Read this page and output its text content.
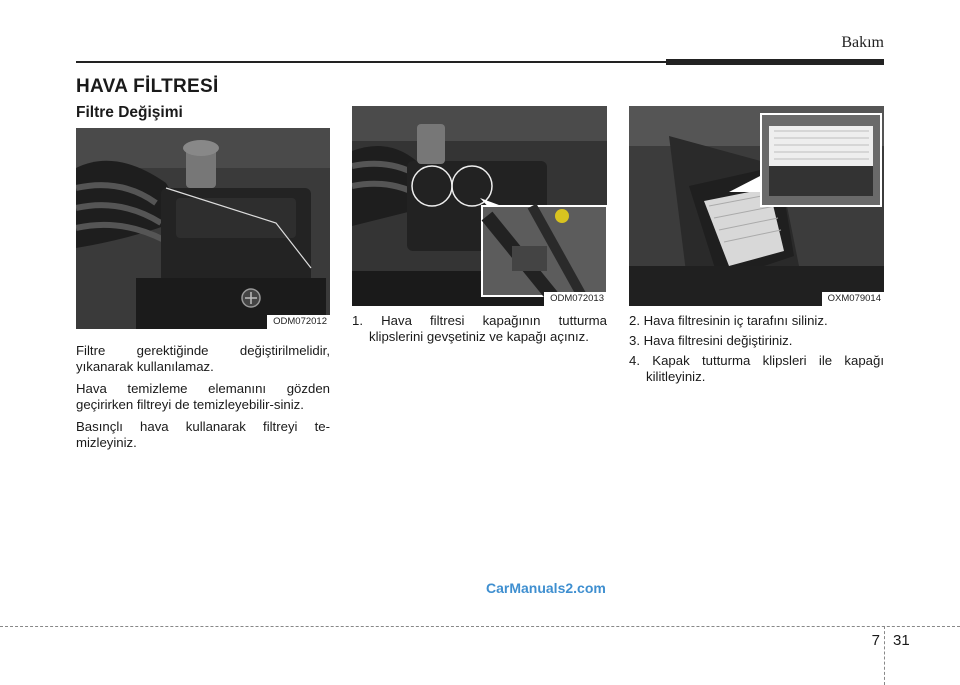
Bakım
HAVA FİLTRESİ
Filtre Değişimi
ODM072012
ODM072013	OXM079014

Filtre gerektiğinde değiştirilmelidir, yıkanarak kullanılamaz.

Hava temizleme elemanını gözden geçirirken filtreyi de temizleyebilir-siniz.

Basınçlı hava kullanarak filtreyi te-mizleyiniz.

1. Hava filtresi kapağının tutturma klipslerini gevşetiniz ve kapağı açınız.
2. Hava filtresinin iç tarafını siliniz.
3. Hava filtresini değiştiriniz.
4. Kapak tutturma klipsleri ile kapağı kilitleyiniz.
CarManuals2.com
7 31
